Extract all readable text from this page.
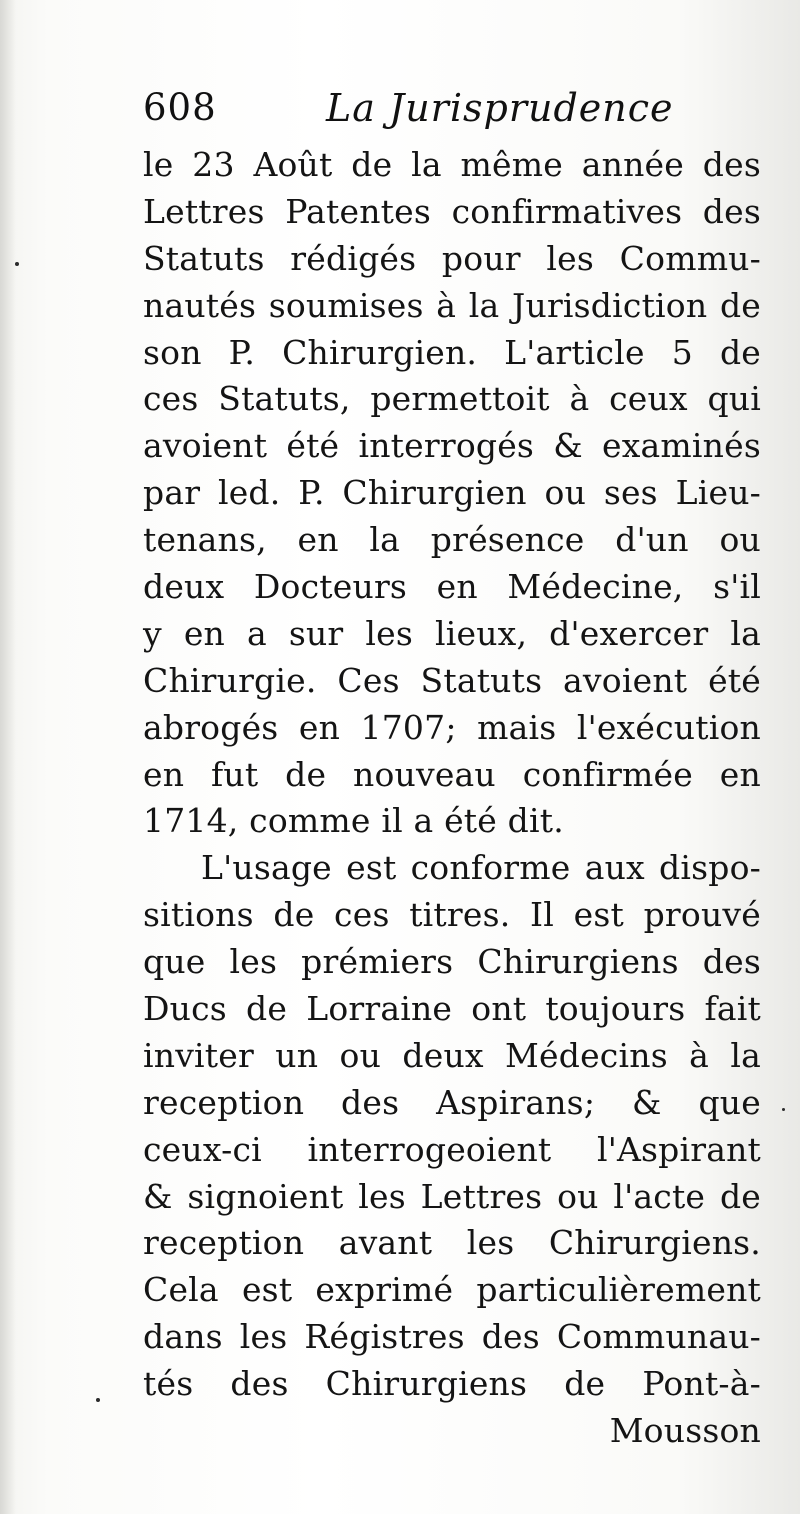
608	La Jurisprudence
le 23 Août de la même année des
Lettres Patentes confirmatives des
Statuts rédigés pour les Commu-
nautés soumises à la Jurisdiction de
son P. Chirurgien. L'article 5 de
ces Statuts, permettoit à ceux qui
avoient été interrogés & examinés
par led. P. Chirurgien ou ses Lieu-
tenans, en la présence d'un ou
deux Docteurs en Médecine, s'il
y en a sur les lieux, d'exercer la
Chirurgie. Ces Statuts avoient été
abrogés en 1707; mais l'exécution
en fut de nouveau confirmée en
1714, comme il a été dit.
L'usage est conforme aux dispo-
sitions de ces titres. Il est prouvé
que les prémiers Chirurgiens des
Ducs de Lorraine ont toujours fait
inviter un ou deux Médecins à la
reception des Aspirans; & que
ceux-ci interrogeoient l'Aspirant
& signoient les Lettres ou l'acte de
reception avant les Chirurgiens.
Cela est exprimé particulièrement
dans les Régistres des Communau-
tés des Chirurgiens de Pont-à-
Mousson
